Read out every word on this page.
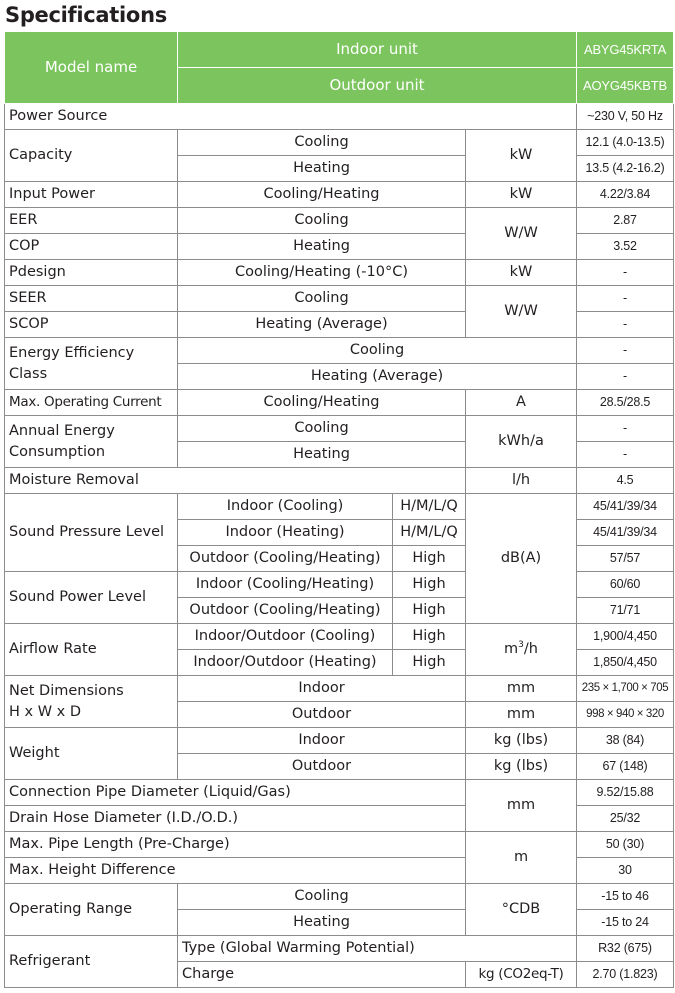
Specifications
Model name	Indoor unit			ABYG45KRTA
	Outdoor unit			AOYG45KBTB
Power Source				~230 V, 50 Hz
Capacity	Cooling		kW	12.1 (4.0-13.5)
	Heating			13.5 (4.2-16.2)
Input Power	Cooling/Heating		kW	4.22/3.84
EER	Cooling		W/W	2.87
COP	Heating			3.52
Pdesign	Cooling/Heating (-10°C)		kW	-
SEER	Cooling		W/W	-
SCOP	Heating (Average)			-
Energy Efficiency Class	Cooling			-
	Heating (Average)			-
Max. Operating Current	Cooling/Heating		A	28.5/28.5
Annual Energy Consumption	Cooling		kWh/a	-
	Heating			-
Moisture Removal			l/h	4.5
Sound Pressure Level	Indoor (Cooling)	H/M/L/Q	dB(A)	45/41/39/34
	Indoor (Heating)	H/M/L/Q		45/41/39/34
	Outdoor (Cooling/Heating)	High		57/57
Sound Power Level	Indoor (Cooling/Heating)	High		60/60
	Outdoor (Cooling/Heating)	High		71/71
Airflow Rate	Indoor/Outdoor (Cooling)	High	$m^3/h$	1,900/4,450
	Indoor/Outdoor (Heating)	High		1,850/4,450
Net Dimensions
H x W x D	Indoor		mm	235 × 1,700 × 705
	Outdoor		mm	998 × 940 × 320
Weight	Indoor		kg (lbs)	38 (84)
	Outdoor		kg (lbs)	67 (148)
Connection Pipe Diameter (Liquid/Gas)			mm	9.52/15.88
Drain Hose Diameter (I.D./O.D.)				25/32
Max. Pipe Length (Pre-Charge)			m	50 (30)
Max. Height Difference				30
Operating Range	Cooling		°CDB	-15 to 46
	Heating			-15 to 24
Refrigerant	Type (Global Warming Potential)			R32 (675)
	Charge		kg (CO2eq-T)	2.70 (1.823)
